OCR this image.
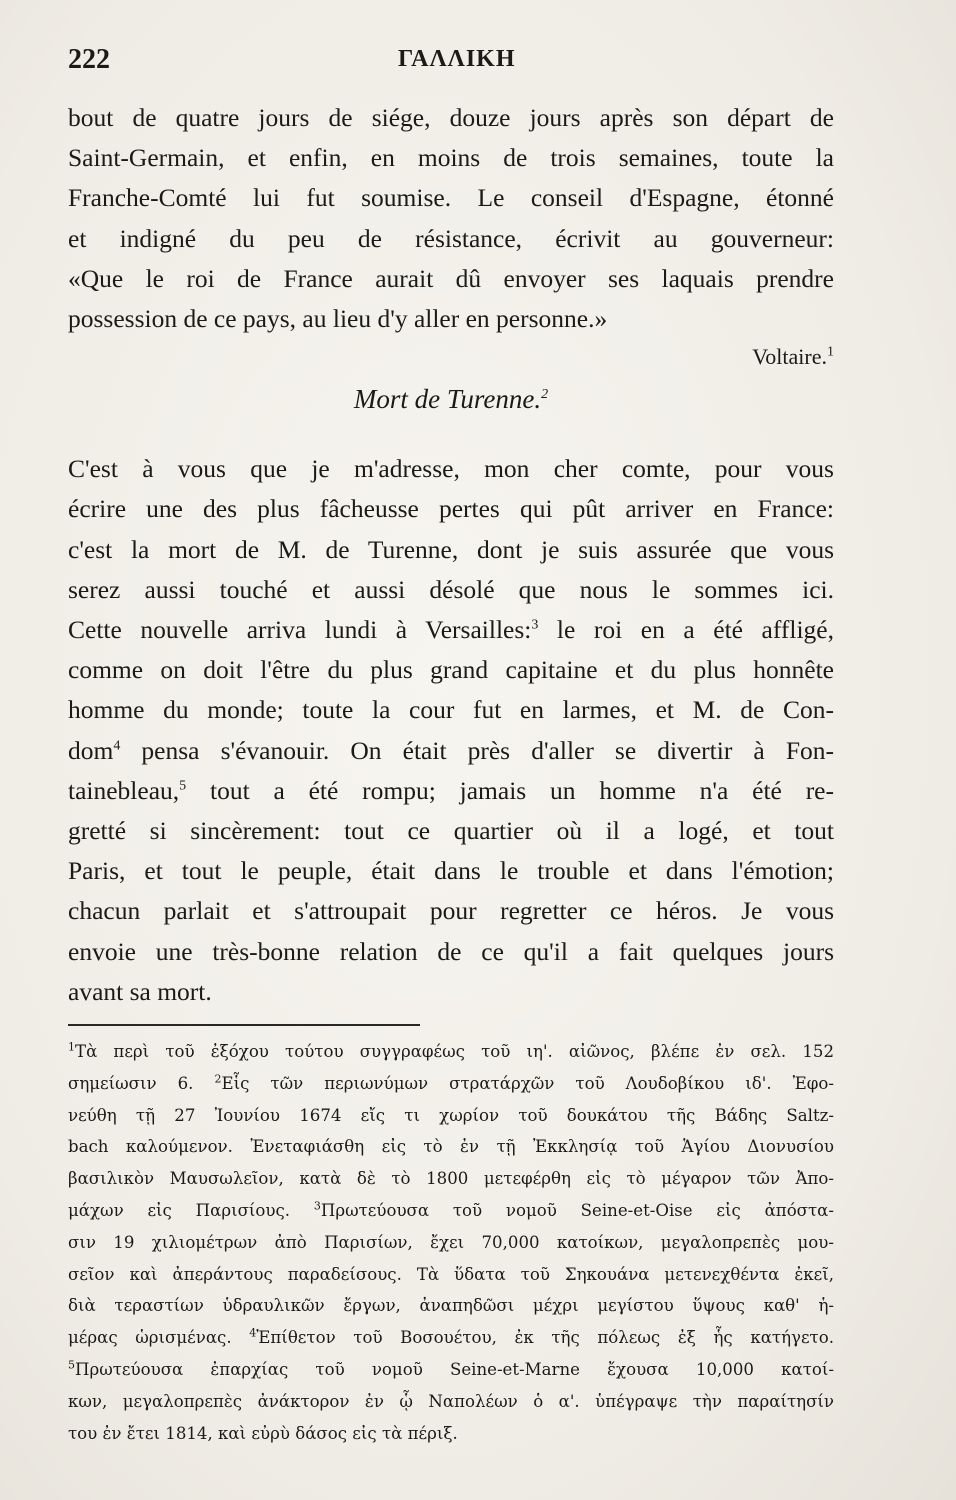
222	ΓΑΛΛΙΚΗ
bout de quatre jours de siége, douze jours après son départ de
Saint-Germain, et enfin, en moins de trois semaines, toute la
Franche-Comté lui fut soumise. Le conseil d'Espagne, étonné
et indigné du peu de résistance, écrivit au gouverneur:
«Que le roi de France aurait dû envoyer ses laquais prendre
possession de ce pays, au lieu d'y aller en personne.»
Voltaire.$^1$
Mort de Turenne.$^2$
C'est à vous que je m'adresse, mon cher comte, pour vous
écrire une des plus fâcheusse pertes qui pût arriver en France:
c'est la mort de M. de Turenne, dont je suis assurée que vous
serez aussi touché et aussi désolé que nous le sommes ici.
Cette nouvelle arriva lundi à Versailles:$^3$ le roi en a été affligé,
comme on doit l'être du plus grand capitaine et du plus honnête
homme du monde; toute la cour fut en larmes, et M. de Con-
dom$^4$ pensa s'évanouir. On était près d'aller se divertir à Fon-
tainebleau,$^5$ tout a été rompu; jamais un homme n'a été re-
gretté si sincèrement: tout ce quartier où il a logé, et tout
Paris, et tout le peuple, était dans le trouble et dans l'émotion;
chacun parlait et s'attroupait pour regretter ce héros. Je vous
envoie une très-bonne relation de ce qu'il a fait quelques jours
avant sa mort.
$^1$Τὰ περὶ τοῦ ἐξόχου τούτου συγγραφέως τοῦ ιη'. αἰῶνος, βλέπε ἐν σελ. 152
σημείωσιν 6. $^2$Εἷς τῶν περιωνύμων στρατάρχῶν τοῦ Λουδοβίκου ιδ'. Ἐφο-
νεύθη τῇ 27 Ἰουνίου 1674 εἴς τι χωρίον τοῦ δουκάτου τῆς Βάδης Saltz-
bach καλούμενον. Ἐνεταφιάσθη εἰς τὸ ἐν τῇ Ἐκκλησίᾳ τοῦ Ἁγίου Διονυσίου
βασιλικὸν Μαυσωλεῖον, κατὰ δὲ τὸ 1800 μετεφέρθη εἰς τὸ μέγαρον τῶν Ἀπο-
μάχων εἰς Παρισίους. $^3$Πρωτεύουσα τοῦ νομοῦ Seine-et-Oise εἰς ἀπόστα-
σιν 19 χιλιομέτρων ἀπὸ Παρισίων, ἔχει 70,000 κατοίκων, μεγαλοπρεπὲς μου-
σεῖον καὶ ἀπεράντους παραδείσους. Τὰ ὕδατα τοῦ Σηκουάνα μετενεχθέντα ἐκεῖ,
διὰ τεραστίων ὑδραυλικῶν ἔργων, ἀναπηδῶσι μέχρι μεγίστου ὕψους καθ' ἡ-
μέρας ὡρισμένας. $^4$Ἐπίθετον τοῦ Βοσουέτου, ἐκ τῆς πόλεως ἐξ ἧς κατήγετο.
$^5$Πρωτεύουσα ἐπαρχίας τοῦ νομοῦ Seine-et-Marne ἔχουσα 10,000 κατοί-
κων, μεγαλοπρεπὲς ἀνάκτορον ἐν ᾧ Ναπολέων ὁ α'. ὑπέγραψε τὴν παραίτησίν
του ἐν ἔτει 1814, καὶ εὐρὺ δάσος εἰς τὰ πέριξ.
